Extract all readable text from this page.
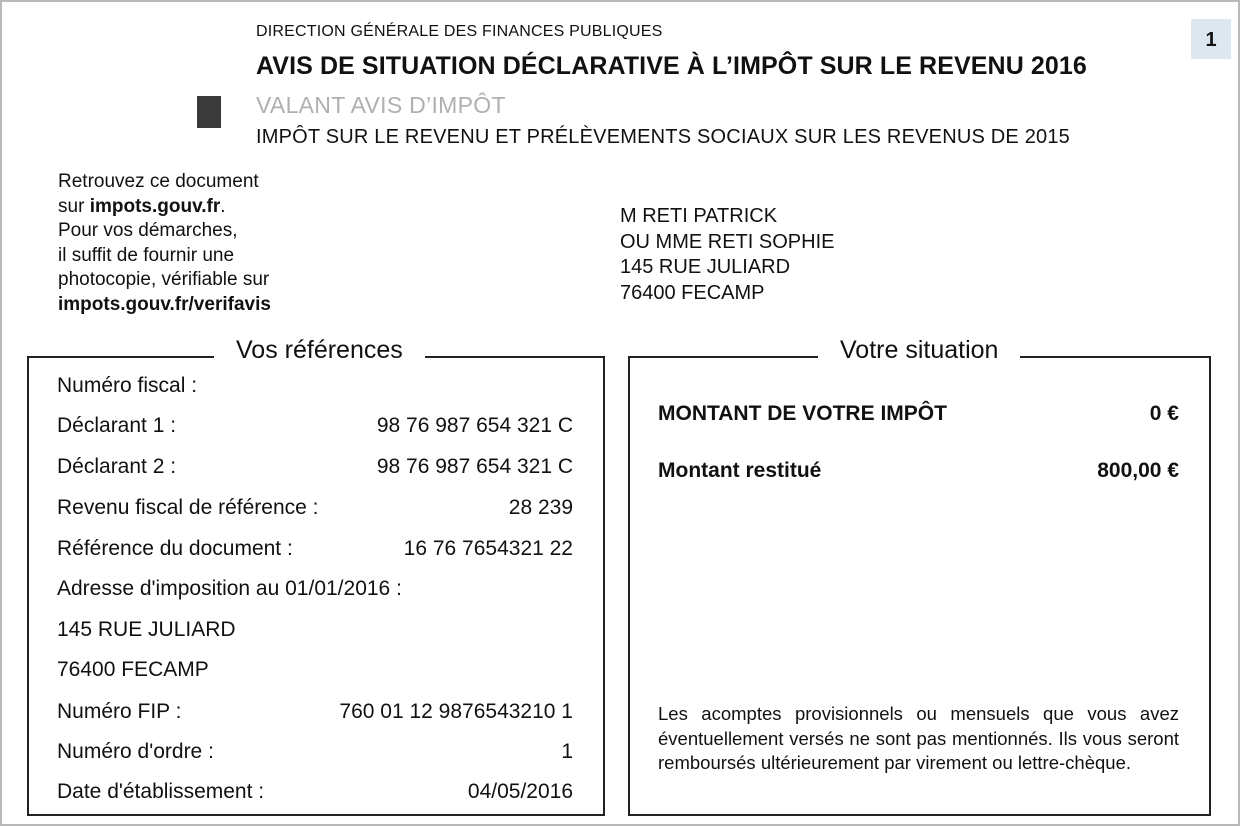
DIRECTION GÉNÉRALE DES FINANCES PUBLIQUES
AVIS DE SITUATION DÉCLARATIVE À L’IMPÔT SUR LE REVENU 2016
VALANT AVIS D’IMPÔT
IMPÔT SUR LE REVENU ET PRÉLÈVEMENTS SOCIAUX SUR LES REVENUS DE 2015
1
Retrouvez ce document
sur impots.gouv.fr.
Pour vos démarches,
il suffit de fournir une
photocopie, vérifiable sur
impots.gouv.fr/verifavis
M RETI PATRICK
OU MME RETI SOPHIE
145 RUE JULIARD
76400 FECAMP
Vos références
Numéro fiscal :
Déclarant 1 :	98 76 987 654 321 C
Déclarant 2 :	98 76 987 654 321 C
Revenu fiscal de référence :	28 239
Référence du document :	16 76 7654321 22
Adresse d'imposition au 01/01/2016 :
145 RUE JULIARD
76400 FECAMP
Numéro FIP :	760 01 12 9876543210 1
Numéro d'ordre :	1
Date d'établissement :	04/05/2016
Votre situation
MONTANT DE VOTRE IMPÔT	0 €
Montant restitué	800,00 €
Les acomptes provisionnels ou mensuels que vous avez éventuellement versés ne sont pas mentionnés. Ils vous seront remboursés ultérieurement par virement ou lettre-chèque.
